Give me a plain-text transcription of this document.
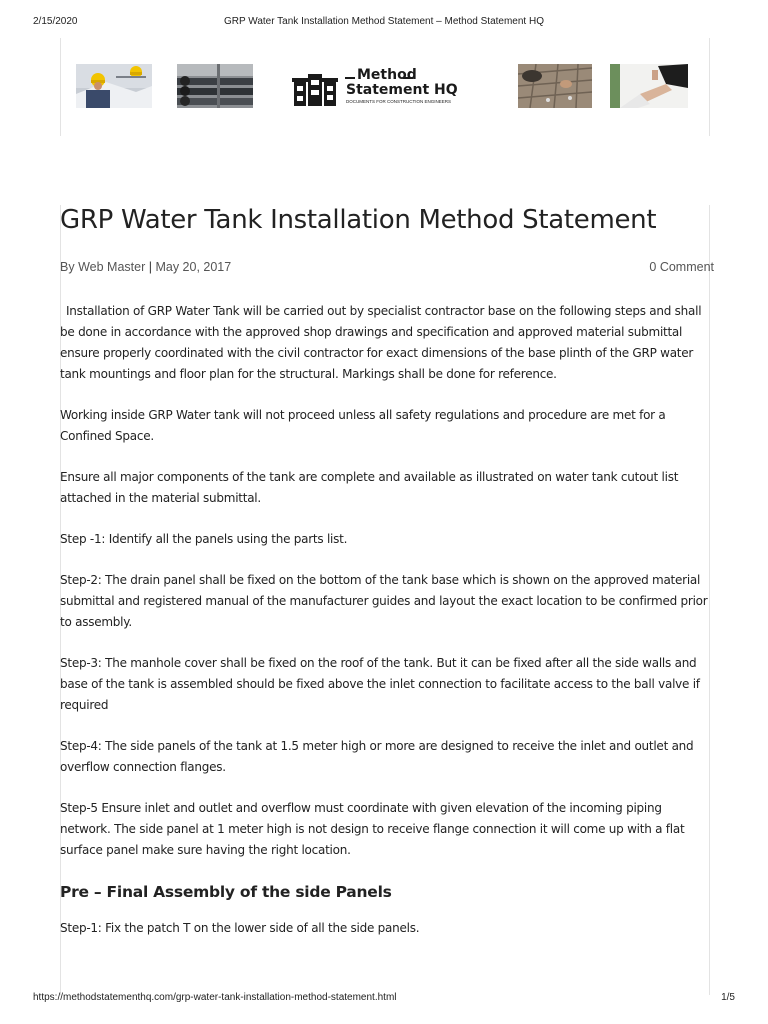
2/15/2020	GRP Water Tank Installation Method Statement – Method Statement HQ
Method
Statement HQ
DOCUMENTS FOR CONSTRUCTION ENGINEERS
GRP Water Tank Installation Method Statement
By Web Master | May 20, 2017	0 Comment

Installation of GRP Water Tank will be carried out by specialist contractor base on the following steps and shall be done in accordance with the approved shop drawings and specification and approved material submittal ensure properly coordinated with the civil contractor for exact dimensions of the base plinth of the GRP water tank mountings and floor plan for the structural. Markings shall be done for reference.

Working inside GRP Water tank will not proceed unless all safety regulations and procedure are met for a Confined Space.

Ensure all major components of the tank are complete and available as illustrated on water tank cutout list attached in the material submittal.

Step -1: Identify all the panels using the parts list.

Step-2: The drain panel shall be fixed on the bottom of the tank base which is shown on the approved material submittal and registered manual of the manufacturer guides and layout the exact location to be confirmed prior to assembly.

Step-3: The manhole cover shall be fixed on the roof of the tank. But it can be fixed after all the side walls and base of the tank is assembled should be fixed above the inlet connection to facilitate access to the ball valve if required

Step-4: The side panels of the tank at 1.5 meter high or more are designed to receive the inlet and outlet and overflow connection flanges.

Step-5 Ensure inlet and outlet and overflow must coordinate with given elevation of the incoming piping network. The side panel at 1 meter high is not design to receive flange connection it will come up with a flat surface panel make sure having the right location.

Pre – Final Assembly of the side Panels

Step-1: Fix the patch T on the lower side of all the side panels.

https://methodstatementhq.com/grp-water-tank-installation-method-statement.html	1/5
